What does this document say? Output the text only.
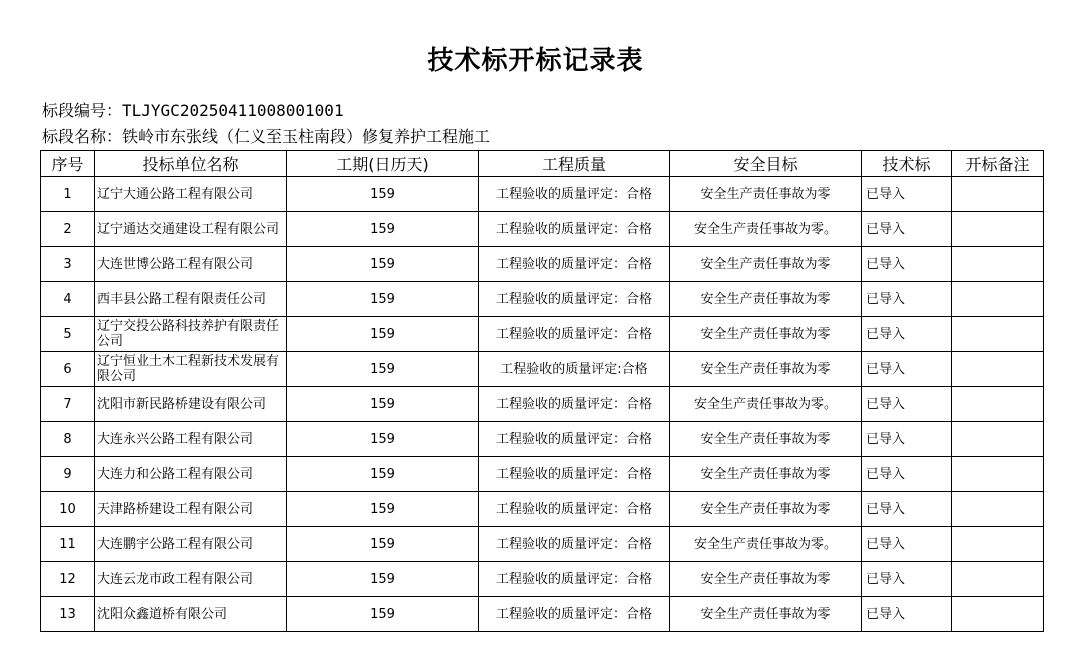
技术标开标记录表
标段编号：TLJYGC20250411008001001
标段名称：铁岭市东张线（仁义至玉柱南段）修复养护工程施工
序号	投标单位名称	工期(日历天)	工程质量	安全目标	技术标	开标备注
1	辽宁大通公路工程有限公司	159	工程验收的质量评定：合格	安全生产责任事故为零	已导入	
2	辽宁通达交通建设工程有限公司	159	工程验收的质量评定：合格	安全生产责任事故为零。	已导入	
3	大连世博公路工程有限公司	159	工程验收的质量评定：合格	安全生产责任事故为零	已导入	
4	西丰县公路工程有限责任公司	159	工程验收的质量评定：合格	安全生产责任事故为零	已导入	
5	辽宁交投公路科技养护有限责任公司	159	工程验收的质量评定：合格	安全生产责任事故为零	已导入	
6	辽宁恒业土木工程新技术发展有限公司	159	工程验收的质量评定:合格	安全生产责任事故为零	已导入	
7	沈阳市新民路桥建设有限公司	159	工程验收的质量评定：合格	安全生产责任事故为零。	已导入	
8	大连永兴公路工程有限公司	159	工程验收的质量评定：合格	安全生产责任事故为零	已导入	
9	大连力和公路工程有限公司	159	工程验收的质量评定：合格	安全生产责任事故为零	已导入	
10	天津路桥建设工程有限公司	159	工程验收的质量评定：合格	安全生产责任事故为零	已导入	
11	大连鹏宇公路工程有限公司	159	工程验收的质量评定：合格	安全生产责任事故为零。	已导入	
12	大连云龙市政工程有限公司	159	工程验收的质量评定：合格	安全生产责任事故为零	已导入	
13	沈阳众鑫道桥有限公司	159	工程验收的质量评定：合格	安全生产责任事故为零	已导入	
